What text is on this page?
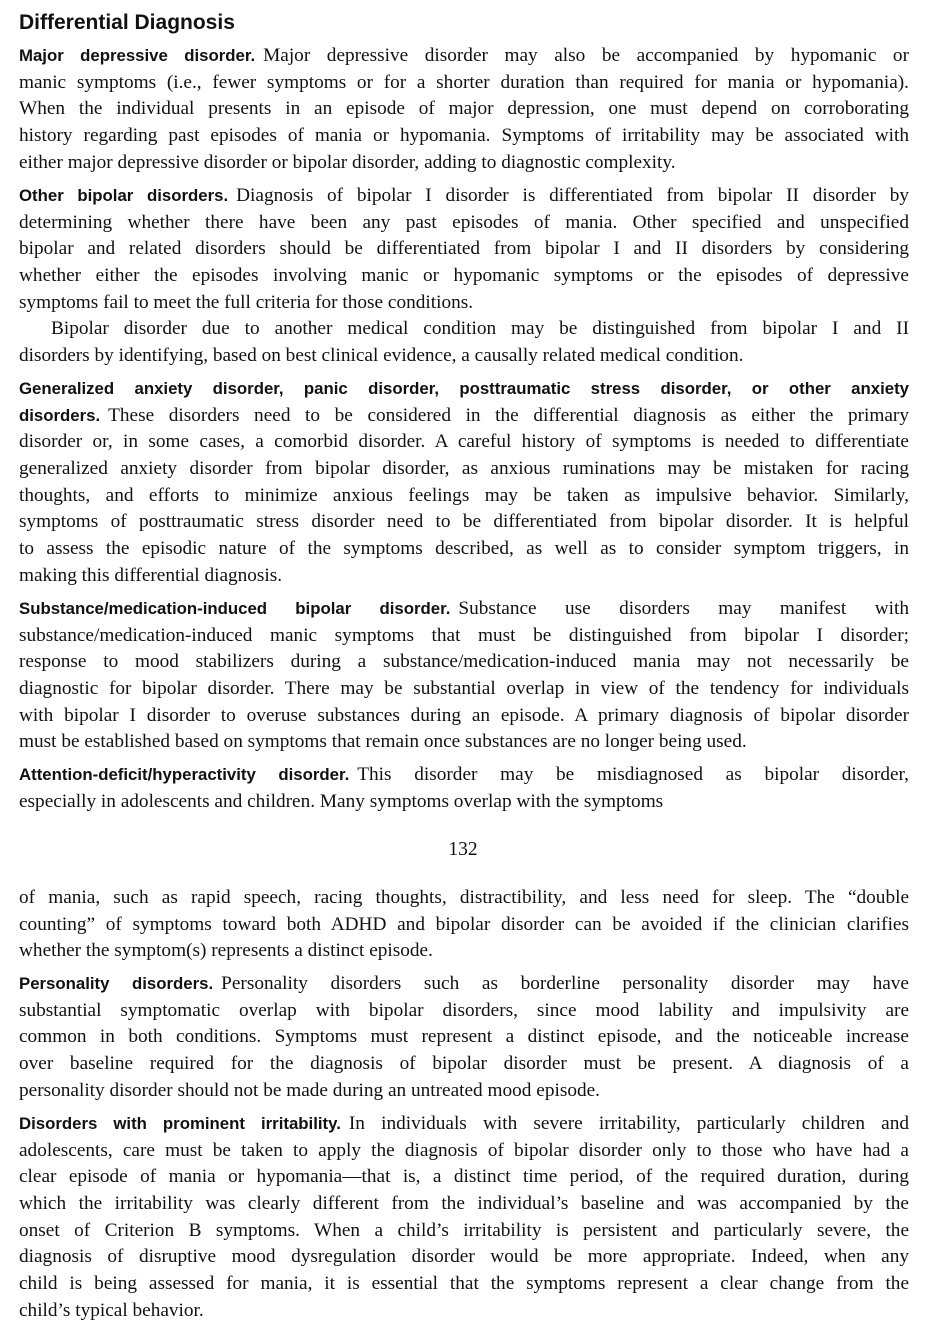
Differential Diagnosis
Major depressive disorder. Major depressive disorder may also be accompanied by hypomanic or
manic symptoms (i.e., fewer symptoms or for a shorter duration than required for mania or hypomania).
When the individual presents in an episode of major depression, one must depend on corroborating
history regarding past episodes of mania or hypomania. Symptoms of irritability may be associated with
either major depressive disorder or bipolar disorder, adding to diagnostic complexity.
Other bipolar disorders. Diagnosis of bipolar I disorder is differentiated from bipolar II disorder by
determining whether there have been any past episodes of mania. Other specified and unspecified
bipolar and related disorders should be differentiated from bipolar I and II disorders by considering
whether either the episodes involving manic or hypomanic symptoms or the episodes of depressive
symptoms fail to meet the full criteria for those conditions.
Bipolar disorder due to another medical condition may be distinguished from bipolar I and II
disorders by identifying, based on best clinical evidence, a causally related medical condition.
Generalized anxiety disorder, panic disorder, posttraumatic stress disorder, or other anxiety
disorders. These disorders need to be considered in the differential diagnosis as either the primary
disorder or, in some cases, a comorbid disorder. A careful history of symptoms is needed to differentiate
generalized anxiety disorder from bipolar disorder, as anxious ruminations may be mistaken for racing
thoughts, and efforts to minimize anxious feelings may be taken as impulsive behavior. Similarly,
symptoms of posttraumatic stress disorder need to be differentiated from bipolar disorder. It is helpful
to assess the episodic nature of the symptoms described, as well as to consider symptom triggers, in
making this differential diagnosis.
Substance/medication-induced bipolar disorder. Substance use disorders may manifest with
substance/medication-induced manic symptoms that must be distinguished from bipolar I disorder;
response to mood stabilizers during a substance/medication-induced mania may not necessarily be
diagnostic for bipolar disorder. There may be substantial overlap in view of the tendency for individuals
with bipolar I disorder to overuse substances during an episode. A primary diagnosis of bipolar disorder
must be established based on symptoms that remain once substances are no longer being used.
Attention-deficit/hyperactivity disorder. This disorder may be misdiagnosed as bipolar disorder,
especially in adolescents and children. Many symptoms overlap with the symptoms
132
of mania, such as rapid speech, racing thoughts, distractibility, and less need for sleep. The “double
counting” of symptoms toward both ADHD and bipolar disorder can be avoided if the clinician clarifies
whether the symptom(s) represents a distinct episode.
Personality disorders. Personality disorders such as borderline personality disorder may have
substantial symptomatic overlap with bipolar disorders, since mood lability and impulsivity are
common in both conditions. Symptoms must represent a distinct episode, and the noticeable increase
over baseline required for the diagnosis of bipolar disorder must be present. A diagnosis of a
personality disorder should not be made during an untreated mood episode.
Disorders with prominent irritability. In individuals with severe irritability, particularly children and
adolescents, care must be taken to apply the diagnosis of bipolar disorder only to those who have had a
clear episode of mania or hypomania—that is, a distinct time period, of the required duration, during
which the irritability was clearly different from the individual’s baseline and was accompanied by the
onset of Criterion B symptoms. When a child’s irritability is persistent and particularly severe, the
diagnosis of disruptive mood dysregulation disorder would be more appropriate. Indeed, when any
child is being assessed for mania, it is essential that the symptoms represent a clear change from the
child’s typical behavior.
